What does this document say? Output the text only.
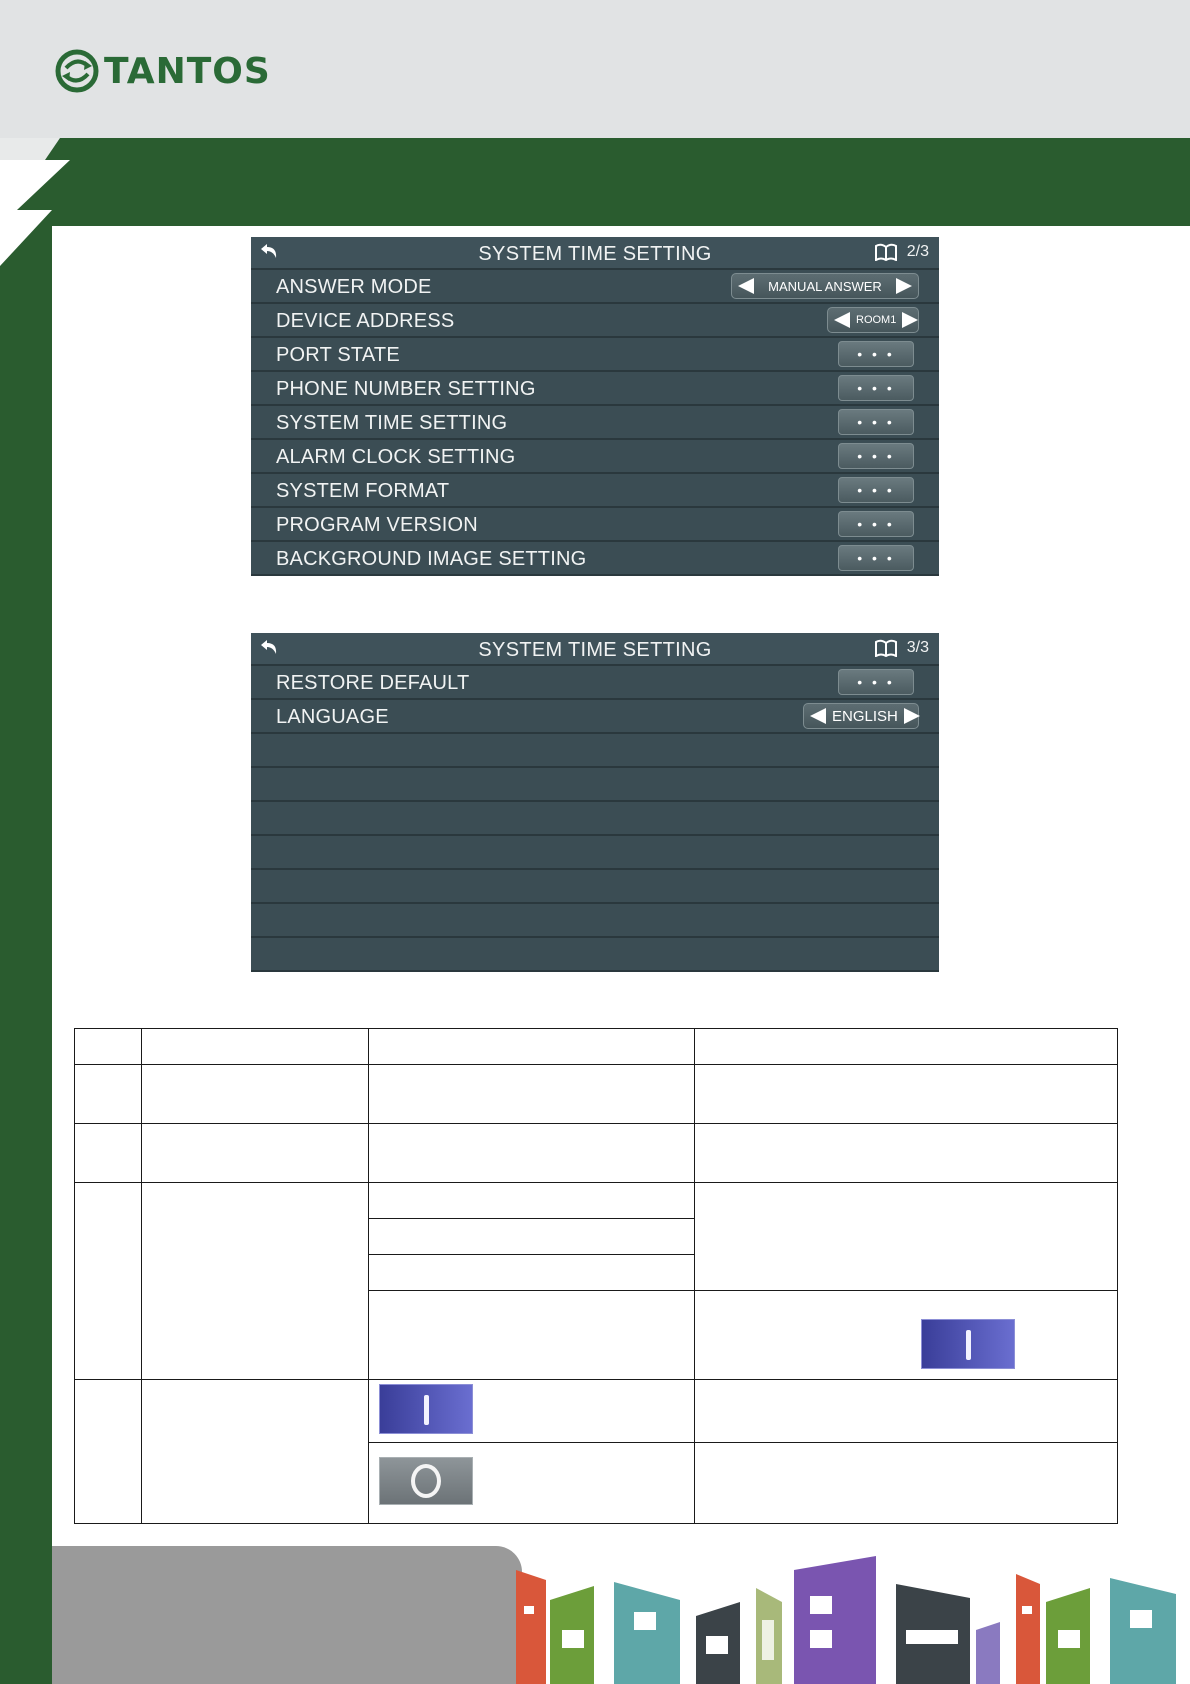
TANTOS
SYSTEM TIME SETTING	2/3
ANSWER MODE	MANUAL ANSWER
DEVICE ADDRESS	ROOM1
PORT STATE	• • •
PHONE NUMBER SETTING	• • •
SYSTEM TIME SETTING	• • •
ALARM CLOCK SETTING	• • •
SYSTEM FORMAT	• • •
PROGRAM VERSION	• • •
BACKGROUND IMAGE SETTING	• • •
SYSTEM TIME SETTING	3/3
RESTORE DEFAULT	• • •
LANGUAGE	ENGLISH
